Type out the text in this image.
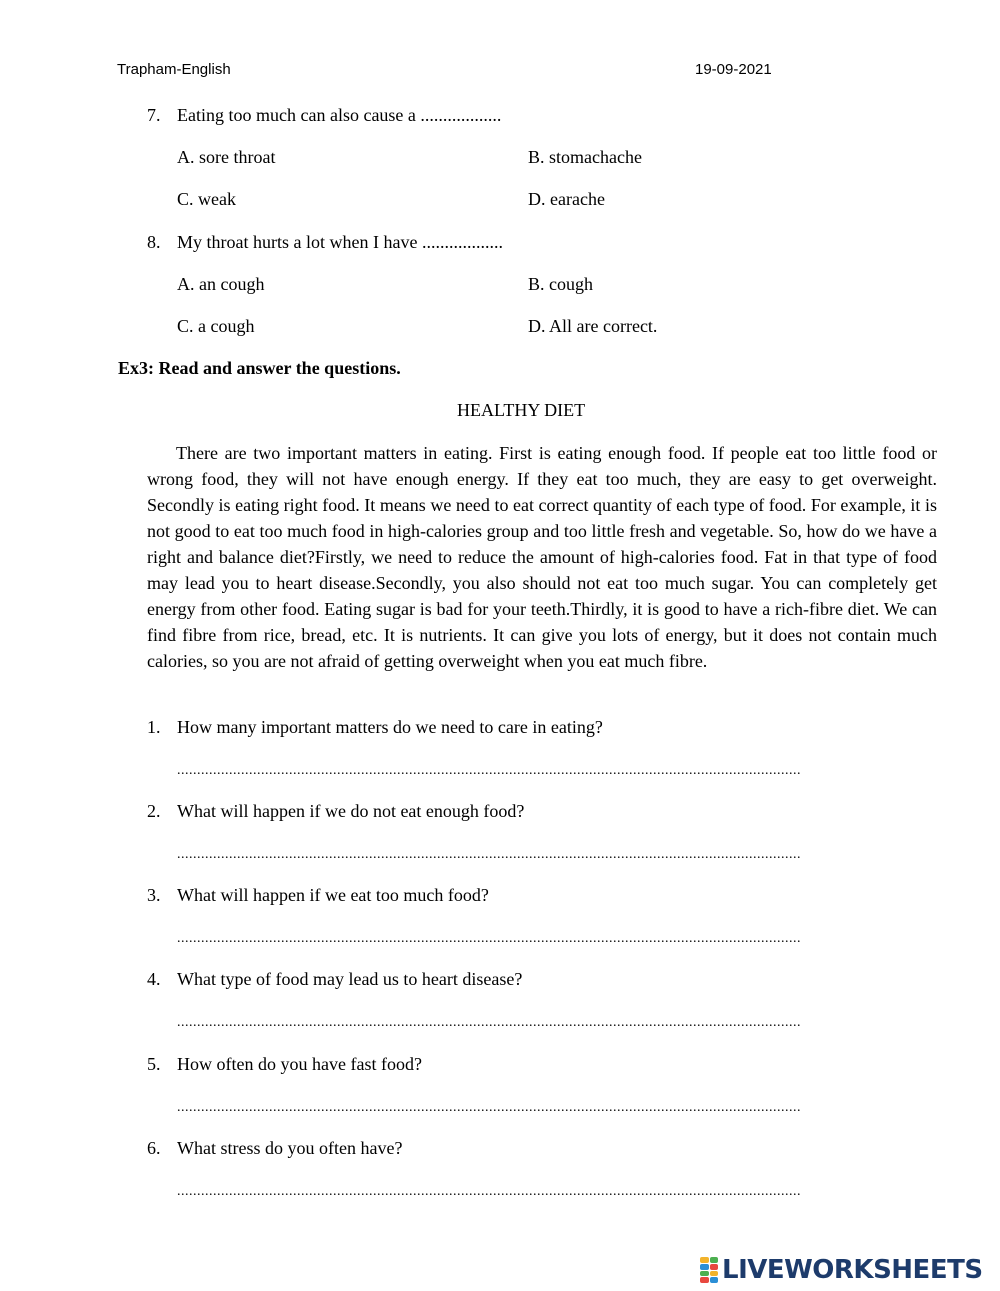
Trapham-English	19-09-2021
7. Eating too much can also cause a ..................
A. sore throat	B. stomachache
C. weak	D. earache
8. My throat hurts a lot when I have ..................
A. an cough	B. cough
C. a cough	D. All are correct.
Ex3: Read and answer the questions.
HEALTHY DIET

There are two important matters in eating. First is eating enough food. If people eat too little food or wrong food, they will not have enough energy. If they eat too much, they are easy to get overweight. Secondly is eating right food. It means we need to eat correct quantity of each type of food. For example, it is not good to eat too much food in high-calories group and too little fresh and vegetable. So, how do we have a right and balance diet?Firstly, we need to reduce the amount of high-calories food. Fat in that type of food may lead you to heart disease.Secondly, you also should not eat too much sugar. You can completely get energy from other food. Eating sugar is bad for your teeth.Thirdly, it is good to have a rich-fibre diet. We can find fibre from rice, bread, etc. It is nutrients. It can give you lots of energy, but it does not contain much calories, so you are not afraid of getting overweight when you eat much fibre.

1. How many important matters do we need to care in eating?
............................................................................................................................................................
2. What will happen if we do not eat enough food?
............................................................................................................................................................
3. What will happen if we eat too much food?
............................................................................................................................................................
4. What type of food may lead us to heart disease?
............................................................................................................................................................
5. How often do you have fast food?
............................................................................................................................................................
6. What stress do you often have?
............................................................................................................................................................
LIVEWORKSHEETS
